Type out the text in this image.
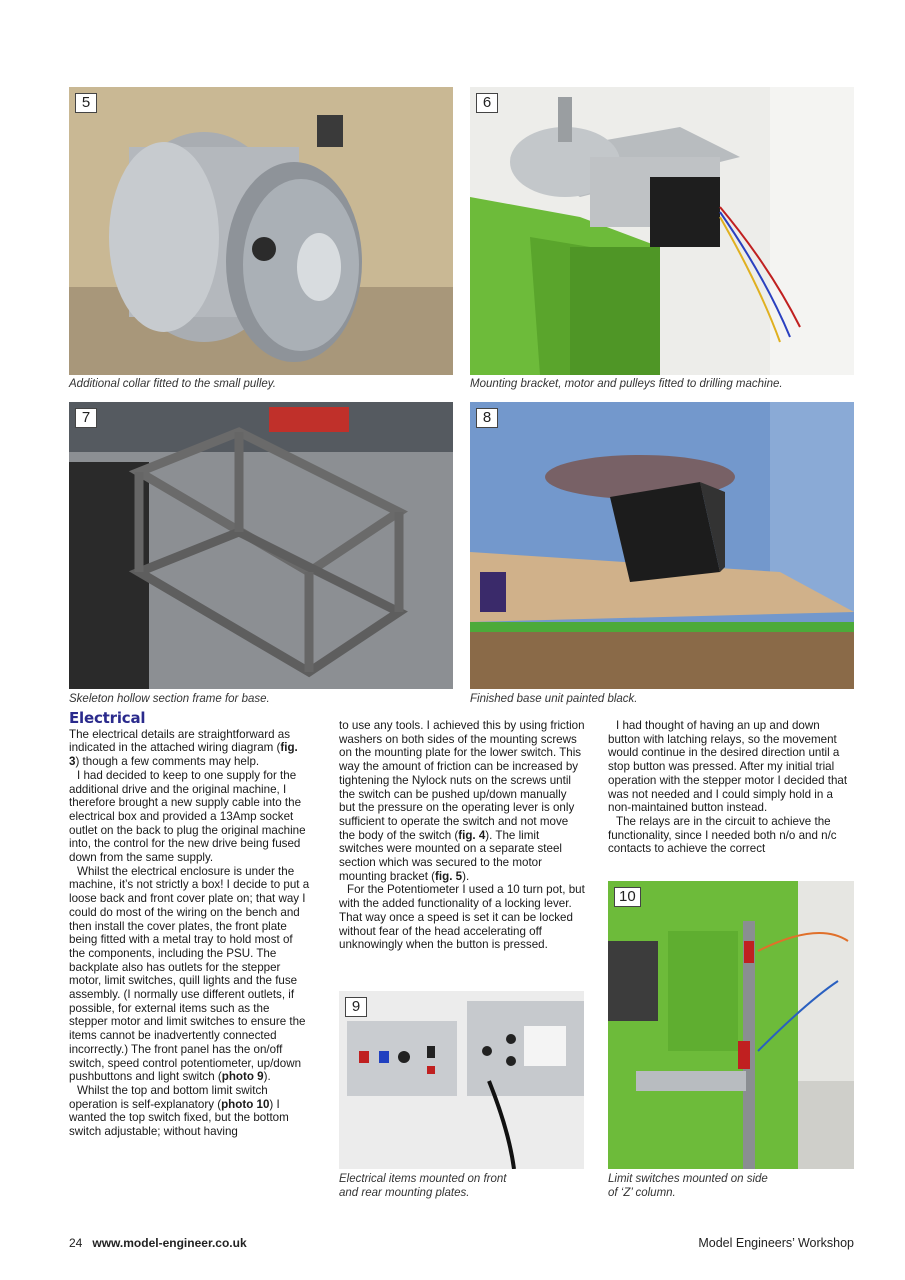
5
Additional collar fitted to the small pulley.
6
Mounting bracket, motor and pulleys fitted to drilling machine.
7
Skeleton hollow section frame for base.
8
Finished base unit painted black.
Electrical

The electrical details are straightforward as indicated in the attached wiring diagram (fig. 3) though a few comments may help.

I had decided to keep to one supply for the additional drive and the original machine, I therefore brought a new supply cable into the electrical box and provided a 13Amp socket outlet on the back to plug the original machine into, the control for the new drive being fused down from the same supply.

Whilst the electrical enclosure is under the machine, it’s not strictly a box! I decide to put a loose back and front cover plate on; that way I could do most of the wiring on the bench and then install the cover plates, the front plate being fitted with a metal tray to hold most of the components, including the PSU. The backplate also has outlets for the stepper motor, limit switches, quill lights and the fuse assembly. (I normally use different outlets, if possible, for external items such as the stepper motor and limit switches to ensure the items cannot be inadvertently connected incorrectly.) The front panel has the on/off switch, speed control potentiometer, up/down pushbuttons and light switch (photo 9).

Whilst the top and bottom limit switch operation is self-explanatory (photo 10) I wanted the top switch fixed, but the bottom switch adjustable; without having

to use any tools. I achieved this by using friction washers on both sides of the mounting screws on the mounting plate for the lower switch. This way the amount of friction can be increased by tightening the Nylock nuts on the screws until the switch can be pushed up/down manually but the pressure on the operating lever is only sufficient to operate the switch and not move the body of the switch (fig. 4). The limit switches were mounted on a separate steel section which was secured to the motor mounting bracket (fig. 5).

For the Potentiometer I used a 10 turn pot, but with the added functionality of a locking lever. That way once a speed is set it can be locked without fear of the head accelerating off unknowingly when the button is pressed.

9
Electrical items mounted on front
and rear mounting plates.

I had thought of having an up and down button with latching relays, so the movement would continue in the desired direction until a stop button was pressed. After my initial trial operation with the stepper motor I decided that was not needed and I could simply hold in a non-maintained button instead.

The relays are in the circuit to achieve the functionality, since I needed both n/o and n/c contacts to achieve the correct

10
Limit switches mounted on side
of ‘Z’ column.
24 www.model-engineer.co.uk	Model Engineers’ Workshop
